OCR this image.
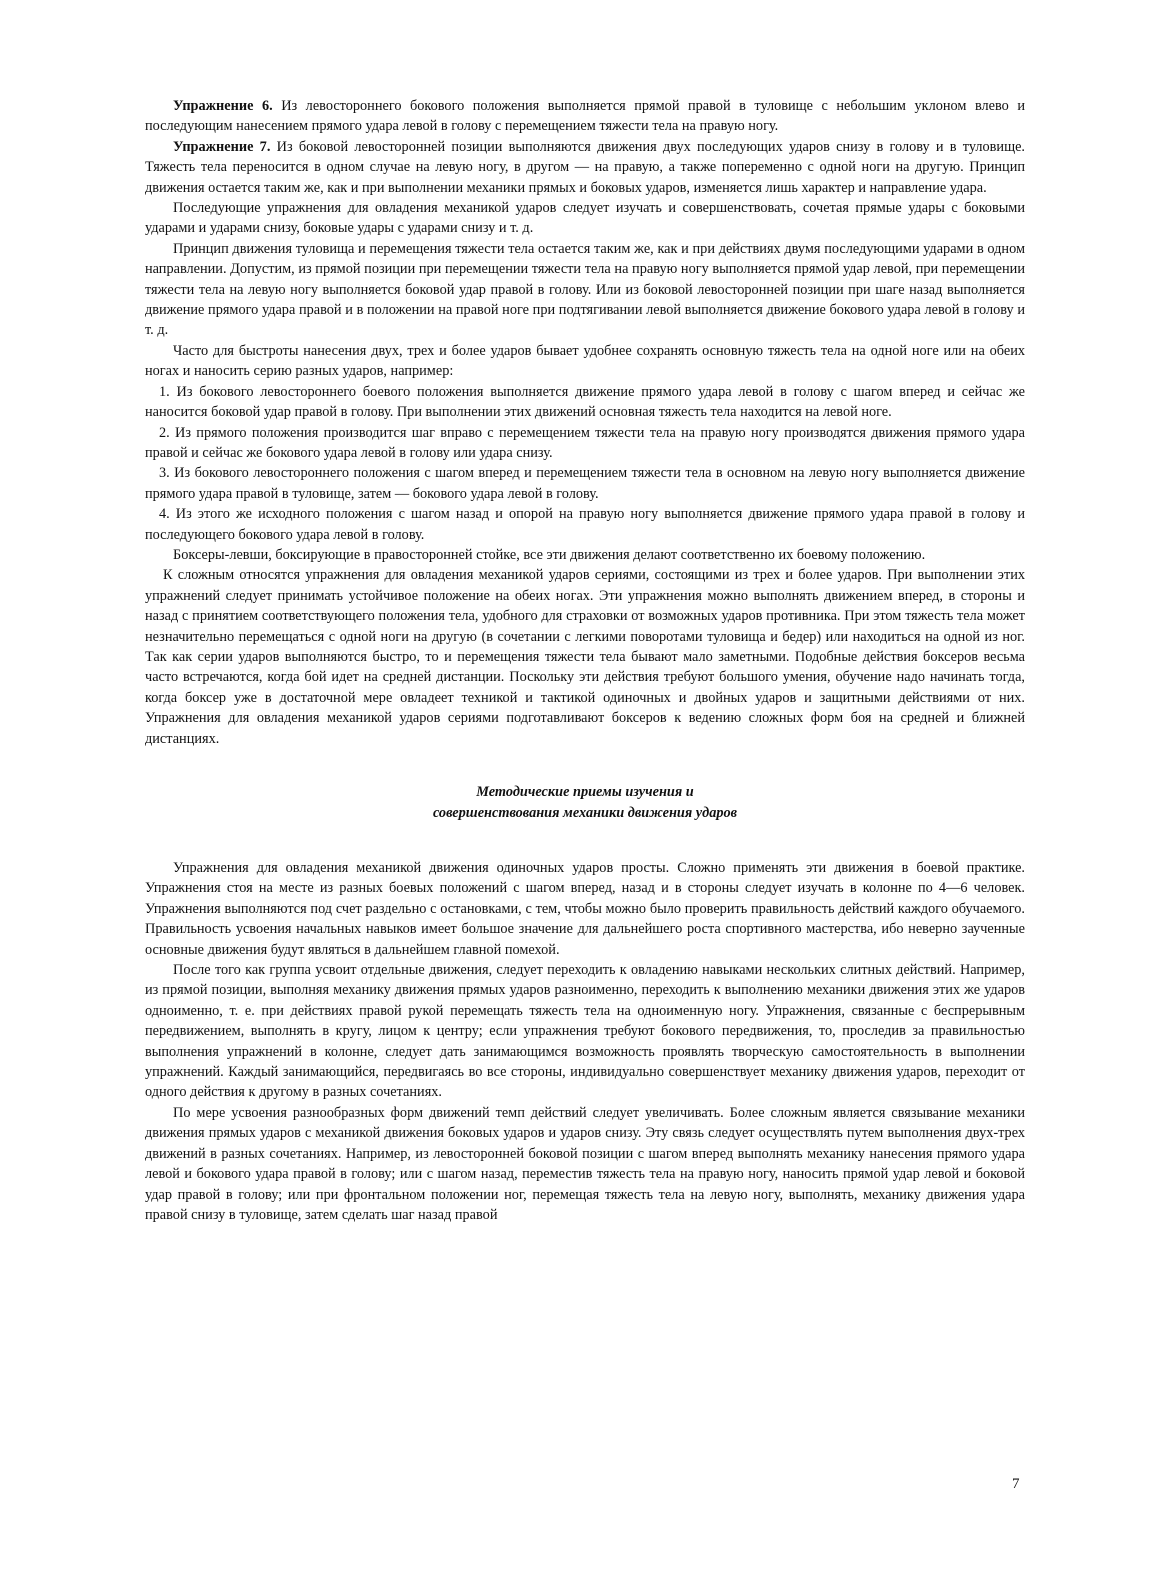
Упражнение 6. Из левостороннего бокового положения выполняется прямой правой в туловище с небольшим уклоном влево и последующим нанесением прямого удара левой в голову с перемещением тяжести тела на правую ногу.

Упражнение 7. Из боковой левосторонней позиции выполняются движения двух последующих ударов снизу в голову и в туловище. Тяжесть тела переносится в одном случае на левую ногу, в другом — на правую, а также попеременно с одной ноги на другую. Принцип движения остается таким же, как и при выполнении механики прямых и боковых ударов, изменяется лишь характер и направление удара.

Последующие упражнения для овладения механикой ударов следует изучать и совершенствовать, сочетая прямые удары с боковыми ударами и ударами снизу, боковые удары с ударами снизу и т. д.

Принцип движения туловища и перемещения тяжести тела остается таким же, как и при действиях двумя последующими ударами в одном направлении. Допустим, из прямой позиции при перемещении тяжести тела на правую ногу выполняется прямой удар левой, при перемещении тяжести тела на левую ногу выполняется боковой удар правой в голову. Или из боковой левосторонней позиции при шаге назад выполняется движение прямого удара правой и в положении на правой ноге при подтягивании левой выполняется движение бокового удара левой в голову и т. д.

Часто для быстроты нанесения двух, трех и более ударов бывает удобнее сохранять основную тяжесть тела на одной ноге или на обеих ногах и наносить серию разных ударов, например:

1. Из бокового левостороннего боевого положения выполняется движение прямого удара левой в голову с шагом вперед и сейчас же наносится боковой удар правой в голову. При выполнении этих движений основная тяжесть тела находится на левой ноге.

2. Из прямого положения производится шаг вправо с перемещением тяжести тела на правую ногу производятся движения прямого удара правой и сейчас же бокового удара левой в голову или удара снизу.

3. Из бокового левостороннего положения с шагом вперед и перемещением тяжести тела в основном на левую ногу выполняется движение прямого удара правой в туловище, затем — бокового удара левой в голову.

4. Из этого же исходного положения с шагом назад и опорой на правую ногу выполняется движение прямого удара правой в голову и последующего бокового удара левой в голову.

Боксеры-левши, боксирующие в правосторонней стойке, все эти движения делают соответственно их боевому положению.

К сложным относятся упражнения для овладения механикой ударов сериями, состоящими из трех и более ударов. При выполнении этих упражнений следует принимать устойчивое положение на обеих ногах. Эти упражнения можно выполнять движением вперед, в стороны и назад с принятием соответствующего положения тела, удобного для страховки от возможных ударов противника. При этом тяжесть тела может незначительно перемещаться с одной ноги на другую (в сочетании с легкими поворотами туловища и бедер) или находиться на одной из ног. Так как серии ударов выполняются быстро, то и перемещения тяжести тела бывают мало заметными. Подобные действия боксеров весьма часто встречаются, когда бой идет на средней дистанции. Поскольку эти действия требуют большого умения, обучение надо начинать тогда, когда боксер уже в достаточной мере овладеет техникой и тактикой одиночных и двойных ударов и защитными действиями от них. Упражнения для овладения механикой ударов сериями подготавливают боксеров к ведению сложных форм боя на средней и ближней дистанциях.

Методические приемы изучения и
совершенствования механики движения ударов

Упражнения для овладения механикой движения одиночных ударов просты. Сложно применять эти движения в боевой практике. Упражнения стоя на месте из разных боевых положений с шагом вперед, назад и в стороны следует изучать в колонне по 4—6 человек. Упражнения выполняются под счет раздельно с остановками, с тем, чтобы можно было проверить правильность действий каждого обучаемого. Правильность усвоения начальных навыков имеет большое значение для дальнейшего роста спортивного мастерства, ибо неверно заученные основные движения будут являться в дальнейшем главной помехой.

После того как группа усвоит отдельные движения, следует переходить к овладению навыками нескольких слитных действий. Например, из прямой позиции, выполняя механику движения прямых ударов разноименно, переходить к выполнению механики движения этих же ударов одноименно, т. е. при действиях правой рукой перемещать тяжесть тела на одноименную ногу. Упражнения, связанные с беспрерывным передвижением, выполнять в кругу, лицом к центру; если упражнения требуют бокового передвижения, то, проследив за правильностью выполнения упражнений в колонне, следует дать занимающимся возможность проявлять творческую самостоятельность в выполнении упражнений. Каждый занимающийся, передвигаясь во все стороны, индивидуально совершенствует механику движения ударов, переходит от одного действия к другому в разных сочетаниях.

По мере усвоения разнообразных форм движений темп действий следует увеличивать. Более сложным является связывание механики движения прямых ударов с механикой движения боковых ударов и ударов снизу. Эту связь следует осуществлять путем выполнения двух-трех движений в разных сочетаниях. Например, из левосторонней боковой позиции с шагом вперед выполнять механику нанесения прямого удара левой и бокового удара правой в голову; или с шагом назад, переместив тяжесть тела на правую ногу, наносить прямой удар левой и боковой удар правой в голову; или при фронтальном положении ног, перемещая тяжесть тела на левую ногу, выполнять, механику движения удара правой снизу в туловище, затем сделать шаг назад правой

7
